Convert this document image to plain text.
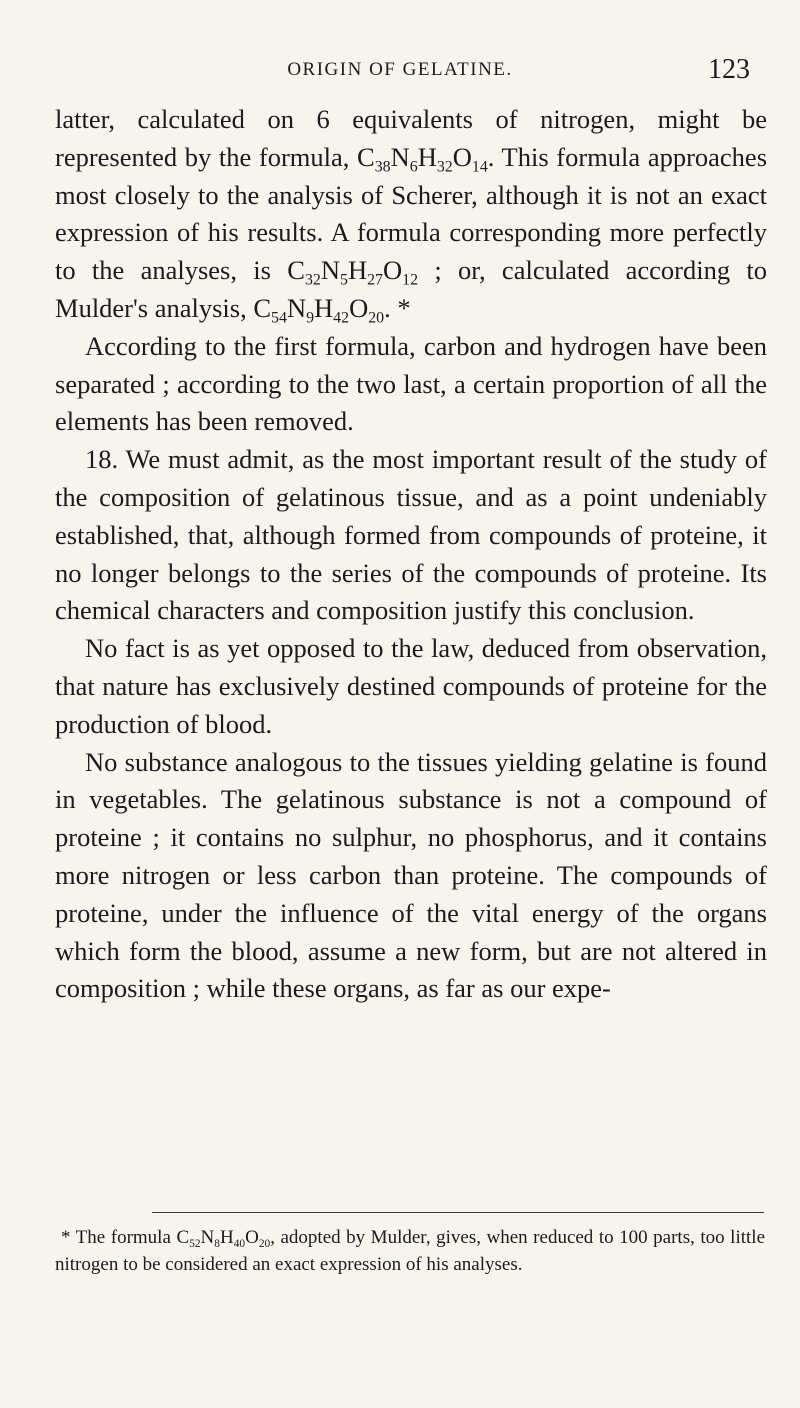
ORIGIN OF GELATINE.	123

latter, calculated on 6 equivalents of nitrogen, might be represented by the formula, $C_{38}N_6H_{32}O_{14}$. This formula approaches most closely to the analysis of Scherer, although it is not an exact expression of his results. A formula corresponding more perfectly to the analyses, is $C_{32}N_5H_{27}O_{12}$ ; or, calculated according to Mulder's analysis, $C_{54}N_9H_{42}O_{20}$. *

According to the first formula, carbon and hydrogen have been separated ; according to the two last, a certain proportion of all the elements has been removed.

18. We must admit, as the most important result of the study of the composition of gelatinous tissue, and as a point undeniably established, that, although formed from compounds of proteine, it no longer belongs to the series of the compounds of proteine. Its chemical characters and composition justify this conclusion.

No fact is as yet opposed to the law, deduced from observation, that nature has exclusively destined compounds of proteine for the production of blood.

No substance analogous to the tissues yielding gelatine is found in vegetables. The gelatinous substance is not a compound of proteine ; it contains no sulphur, no phosphorus, and it contains more nitrogen or less carbon than proteine. The compounds of proteine, under the influence of the vital energy of the organs which form the blood, assume a new form, but are not altered in composition ; while these organs, as far as our expe-

* The formula $C_{52}N_8H_{40}O_{20}$, adopted by Mulder, gives, when reduced to 100 parts, too little nitrogen to be considered an exact expression of his analyses.
